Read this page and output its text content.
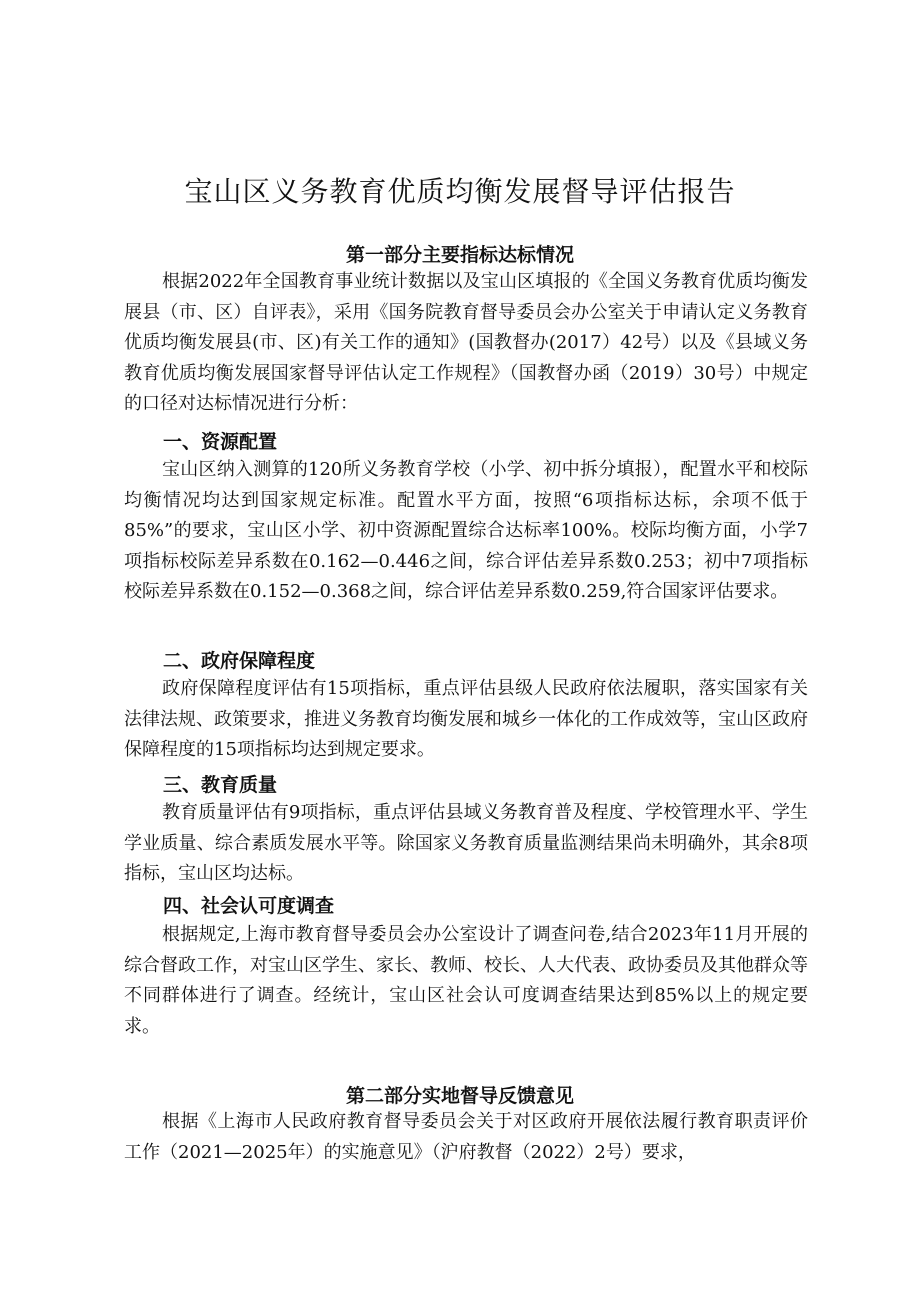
宝山区义务教育优质均衡发展督导评估报告
第一部分主要指标达标情况

根据2022年全国教育事业统计数据以及宝山区填报的《全国义务教育优质均衡发展县（市、区）自评表》，采用《国务院教育督导委员会办公室关于申请认定义务教育优质均衡发展县(市、区)有关工作的通知》(国教督办(2017）42号）以及《县域义务教育优质均衡发展国家督导评估认定工作规程》（国教督办函（2019）30号）中规定的口径对达标情况进行分析：

一、资源配置

宝山区纳入测算的120所义务教育学校（小学、初中拆分填报），配置水平和校际均衡情况均达到国家规定标准。配置水平方面，按照“6项指标达标，余项不低于85%”的要求，宝山区小学、初中资源配置综合达标率100%。校际均衡方面，小学7项指标校际差异系数在0.162—0.446之间，综合评估差异系数0.253；初中7项指标校际差异系数在0.152—0.368之间，综合评估差异系数0.259,符合国家评估要求。

二、政府保障程度

政府保障程度评估有15项指标，重点评估县级人民政府依法履职，落实国家有关法律法规、政策要求，推进义务教育均衡发展和城乡一体化的工作成效等，宝山区政府保障程度的15项指标均达到规定要求。

三、教育质量

教育质量评估有9项指标，重点评估县域义务教育普及程度、学校管理水平、学生学业质量、综合素质发展水平等。除国家义务教育质量监测结果尚未明确外，其余8项指标，宝山区均达标。

四、社会认可度调查

根据规定,上海市教育督导委员会办公室设计了调查问卷,结合2023年11月开展的综合督政工作，对宝山区学生、家长、教师、校长、人大代表、政协委员及其他群众等不同群体进行了调查。经统计，宝山区社会认可度调查结果达到85%以上的规定要求。

第二部分实地督导反馈意见

根据《上海市人民政府教育督导委员会关于对区政府开展依法履行教育职责评价工作（2021—2025年）的实施意见》（沪府教督（2022）2号）要求，
